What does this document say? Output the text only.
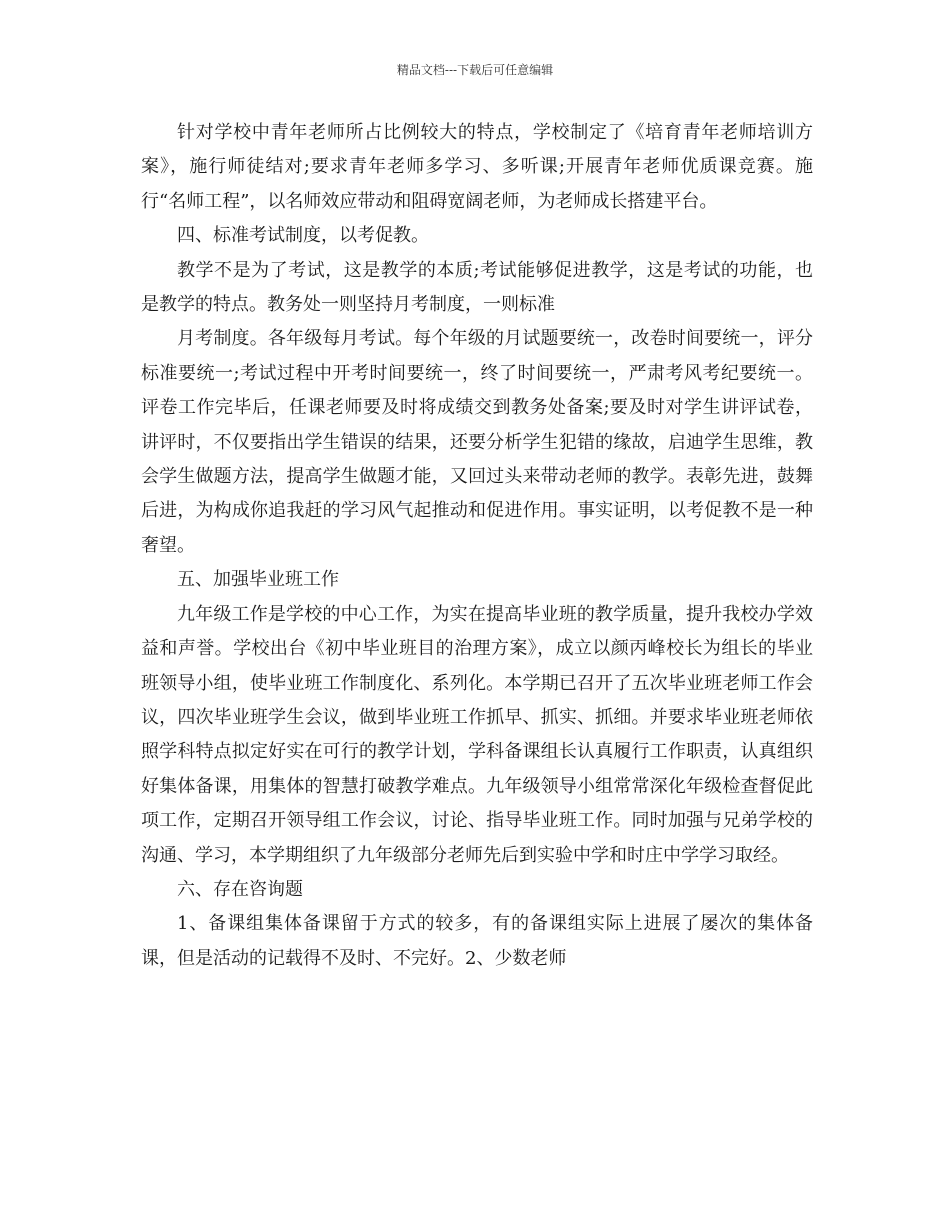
精品文档---下载后可任意编辑

针对学校中青年老师所占比例较大的特点，学校制定了《培育青年老师培训方案》，施行师徒结对;要求青年老师多学习、多听课;开展青年老师优质课竞赛。施行“名师工程”，以名师效应带动和阻碍宽阔老师，为老师成长搭建平台。

四、标准考试制度，以考促教。

教学不是为了考试，这是教学的本质;考试能够促进教学，这是考试的功能，也是教学的特点。教务处一则坚持月考制度，一则标准

月考制度。各年级每月考试。每个年级的月试题要统一，改卷时间要统一，评分标准要统一;考试过程中开考时间要统一，终了时间要统一，严肃考风考纪要统一。评卷工作完毕后，任课老师要及时将成绩交到教务处备案;要及时对学生讲评试卷，讲评时，不仅要指出学生错误的结果，还要分析学生犯错的缘故，启迪学生思维，教会学生做题方法，提高学生做题才能，又回过头来带动老师的教学。表彰先进，鼓舞后进，为构成你追我赶的学习风气起推动和促进作用。事实证明，以考促教不是一种奢望。

五、加强毕业班工作

九年级工作是学校的中心工作，为实在提高毕业班的教学质量，提升我校办学效益和声誉。学校出台《初中毕业班目的治理方案》，成立以颜丙峰校长为组长的毕业班领导小组，使毕业班工作制度化、系列化。本学期已召开了五次毕业班老师工作会议，四次毕业班学生会议，做到毕业班工作抓早、抓实、抓细。并要求毕业班老师依照学科特点拟定好实在可行的教学计划，学科备课组长认真履行工作职责，认真组织好集体备课，用集体的智慧打破教学难点。九年级领导小组常常深化年级检查督促此项工作，定期召开领导组工作会议，讨论、指导毕业班工作。同时加强与兄弟学校的沟通、学习，本学期组织了九年级部分老师先后到实验中学和时庄中学学习取经。

六、存在咨询题

1、备课组集体备课留于方式的较多，有的备课组实际上进展了屡次的集体备课，但是活动的记载得不及时、不完好。2、少数老师
